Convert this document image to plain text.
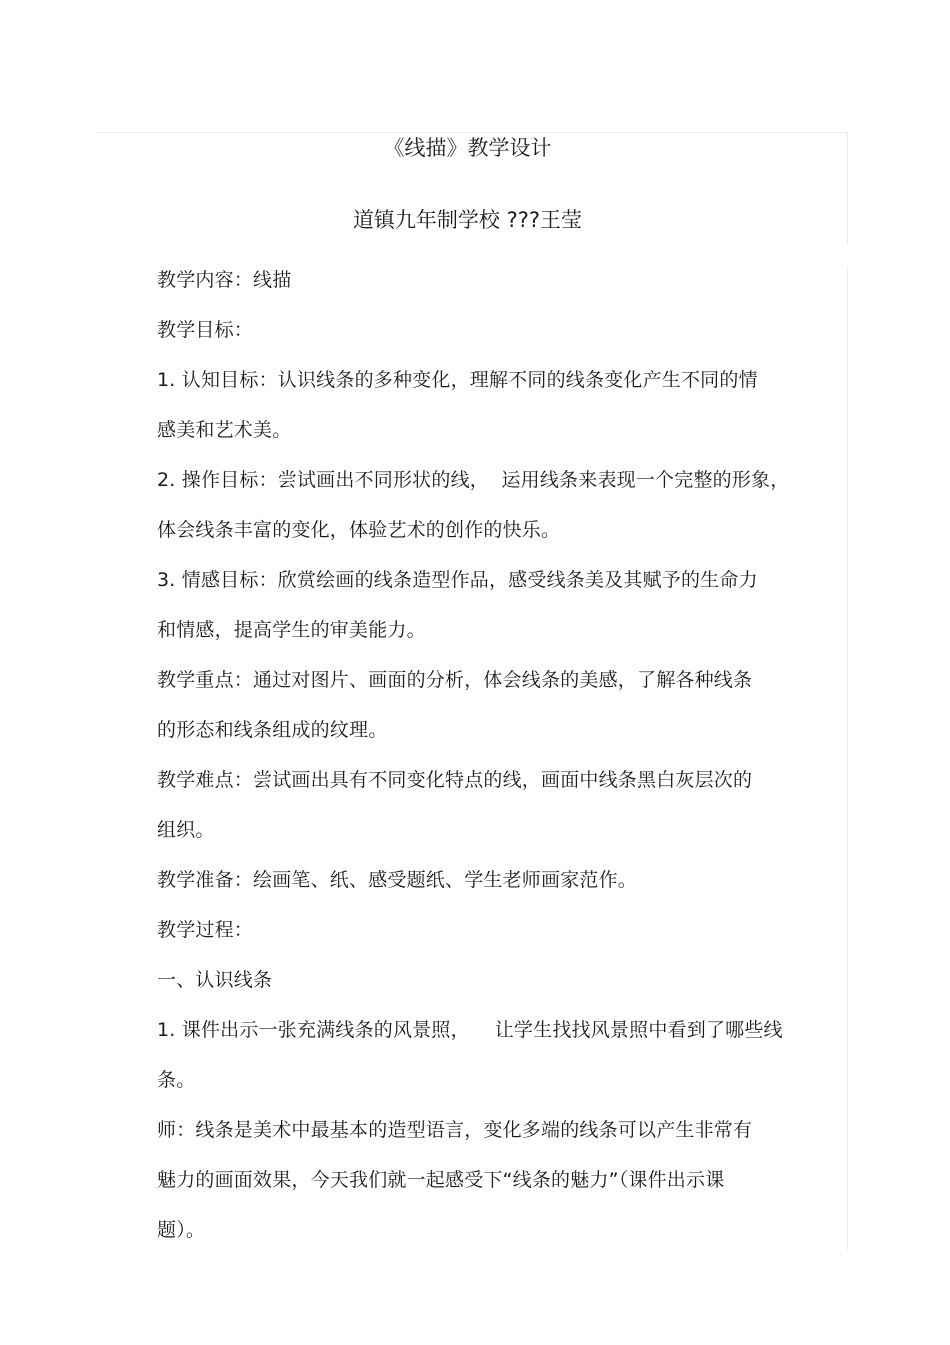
《线描》教学设计
道镇九年制学校 ???王莹
教学内容：线描
教学目标：
1. 认知目标：认识线条的多种变化，理解不同的线条变化产生不同的情
感美和艺术美。
2. 操作目标：尝试画出不同形状的线，  运用线条来表现一个完整的形象，
体会线条丰富的变化，体验艺术的创作的快乐。
3. 情感目标：欣赏绘画的线条造型作品，感受线条美及其赋予的生命力
和情感，提高学生的审美能力。
教学重点：通过对图片、画面的分析，体会线条的美感，了解各种线条
的形态和线条组成的纹理。
教学难点：尝试画出具有不同变化特点的线，画面中线条黑白灰层次的
组织。
教学准备：绘画笔、纸、感受题纸、学生老师画家范作。
教学过程：
一、认识线条
1. 课件出示一张充满线条的风景照，    让学生找找风景照中看到了哪些线
条。
师：线条是美术中最基本的造型语言，变化多端的线条可以产生非常有
魅力的画面效果，今天我们就一起感受下“线条的魅力”（课件出示课
题）。
